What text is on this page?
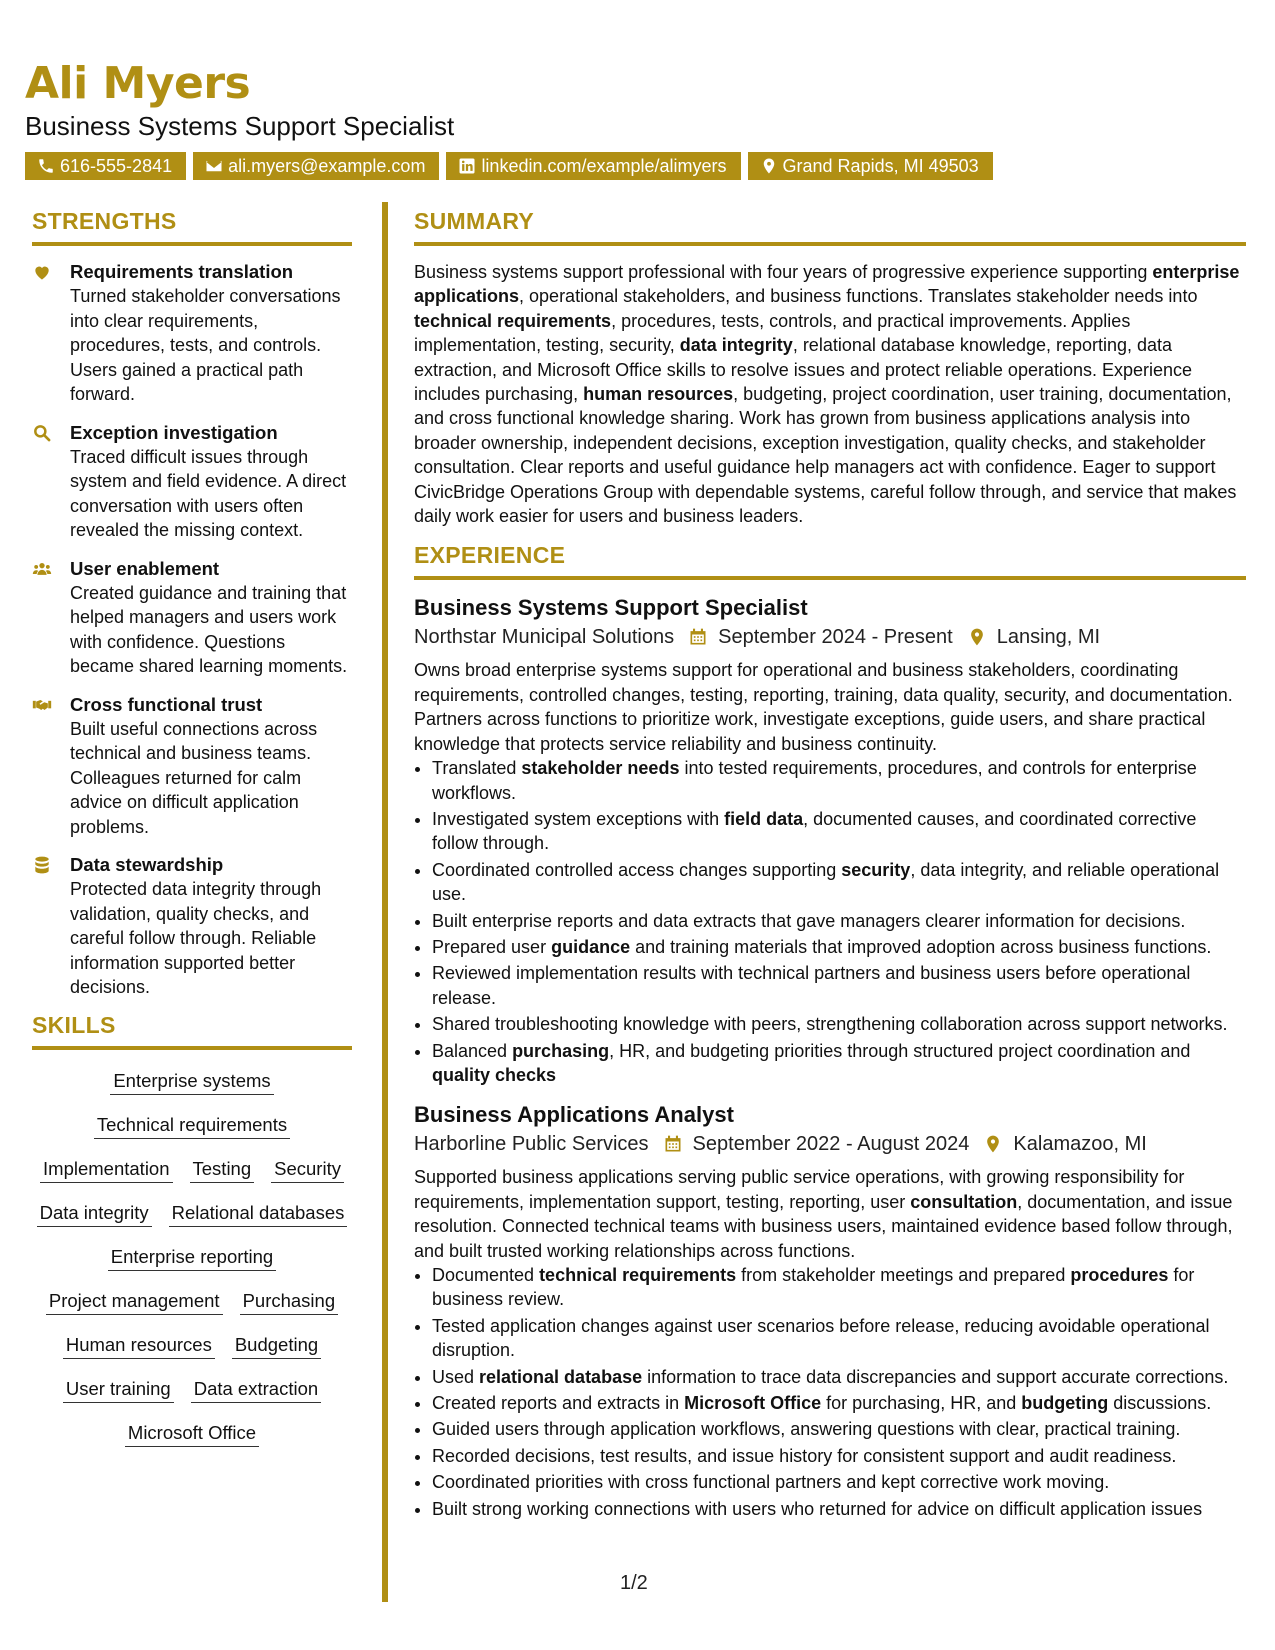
Ali Myers
Business Systems Support Specialist
616-555-2841	ali.myers@example.com	linkedin.com/example/alimyers	Grand Rapids, MI 49503
STRENGTHS
Requirements translation
Turned stakeholder conversations into clear requirements, procedures, tests, and controls. Users gained a practical path forward.
Exception investigation
Traced difficult issues through system and field evidence. A direct conversation with users often revealed the missing context.
User enablement
Created guidance and training that helped managers and users work with confidence. Questions became shared learning moments.
Cross functional trust
Built useful connections across technical and business teams. Colleagues returned for calm advice on difficult application problems.
Data stewardship
Protected data integrity through validation, quality checks, and careful follow through. Reliable information supported better decisions.
SKILLS
Enterprise systems
Technical requirements
Implementation Testing Security
Data integrity Relational databases
Enterprise reporting
Project management Purchasing
Human resources Budgeting
User training Data extraction
Microsoft Office
SUMMARY
Business systems support professional with four years of progressive experience supporting enterprise applications, operational stakeholders, and business functions. Translates stakeholder needs into technical requirements, procedures, tests, controls, and practical improvements. Applies implementation, testing, security, data integrity, relational database knowledge, reporting, data extraction, and Microsoft Office skills to resolve issues and protect reliable operations. Experience includes purchasing, human resources, budgeting, project coordination, user training, documentation, and cross functional knowledge sharing. Work has grown from business applications analysis into broader ownership, independent decisions, exception investigation, quality checks, and stakeholder consultation. Clear reports and useful guidance help managers act with confidence. Eager to support CivicBridge Operations Group with dependable systems, careful follow through, and service that makes daily work easier for users and business leaders.
EXPERIENCE
Business Systems Support Specialist
Northstar Municipal Solutions September 2024 - Present Lansing, MI
Owns broad enterprise systems support for operational and business stakeholders, coordinating requirements, controlled changes, testing, reporting, training, data quality, security, and documentation. Partners across functions to prioritize work, investigate exceptions, guide users, and share practical knowledge that protects service reliability and business continuity.
• Translated stakeholder needs into tested requirements, procedures, and controls for enterprise workflows.
• Investigated system exceptions with field data, documented causes, and coordinated corrective follow through.
• Coordinated controlled access changes supporting security, data integrity, and reliable operational use.
• Built enterprise reports and data extracts that gave managers clearer information for decisions.
• Prepared user guidance and training materials that improved adoption across business functions.
• Reviewed implementation results with technical partners and business users before operational release.
• Shared troubleshooting knowledge with peers, strengthening collaboration across support networks.
• Balanced purchasing, HR, and budgeting priorities through structured project coordination and quality checks
Business Applications Analyst
Harborline Public Services September 2022 - August 2024 Kalamazoo, MI
Supported business applications serving public service operations, with growing responsibility for requirements, implementation support, testing, reporting, user consultation, documentation, and issue resolution. Connected technical teams with business users, maintained evidence based follow through, and built trusted working relationships across functions.
• Documented technical requirements from stakeholder meetings and prepared procedures for business review.
• Tested application changes against user scenarios before release, reducing avoidable operational disruption.
• Used relational database information to trace data discrepancies and support accurate corrections.
• Created reports and extracts in Microsoft Office for purchasing, HR, and budgeting discussions.
• Guided users through application workflows, answering questions with clear, practical training.
• Recorded decisions, test results, and issue history for consistent support and audit readiness.
• Coordinated priorities with cross functional partners and kept corrective work moving.
• Built strong working connections with users who returned for advice on difficult application issues
1/2
